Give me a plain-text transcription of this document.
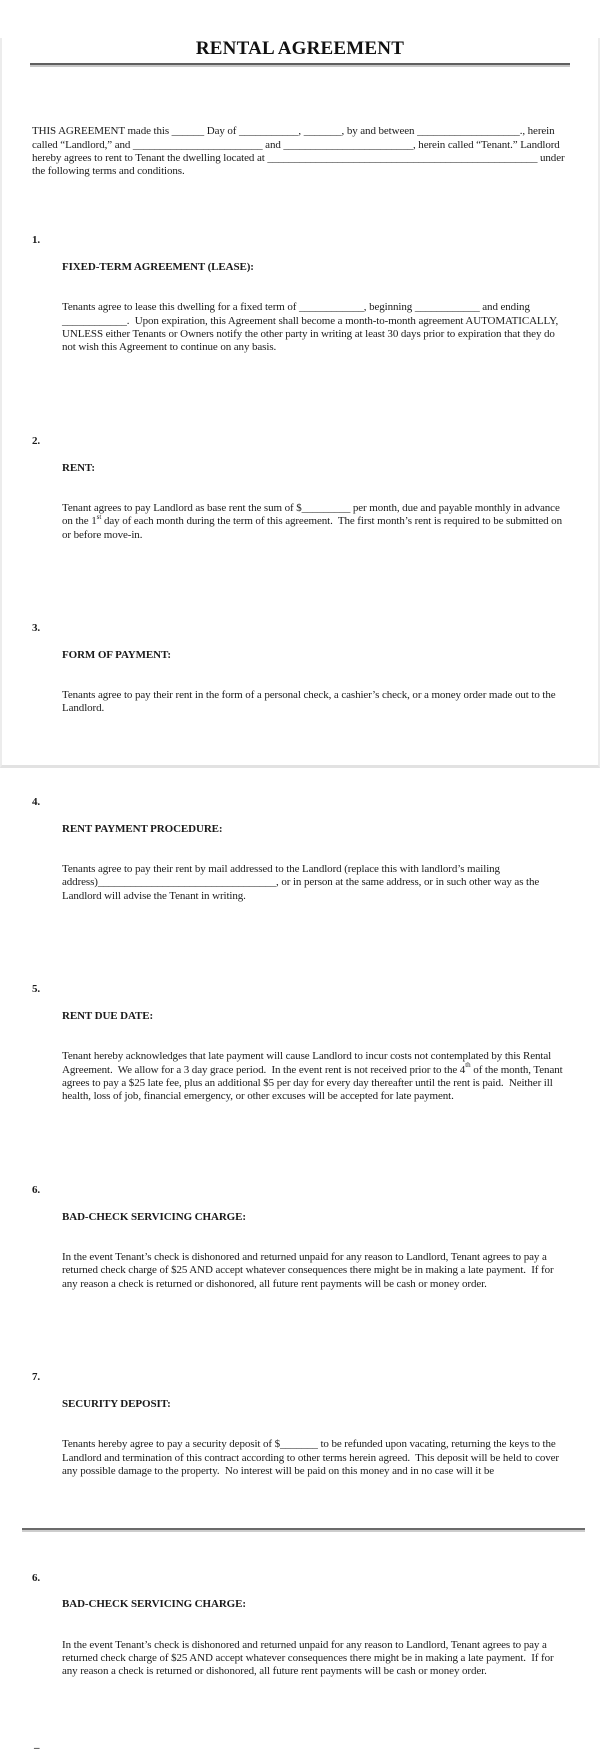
RENTAL AGREEMENT

THIS AGREEMENT made this ______ Day of ___________, _______, by and between ___________________., herein called “Landlord,” and ________________________ and ________________________, herein called “Tenant.” Landlord hereby agrees to rent to Tenant the dwelling located at __________________________________________________ under the following terms and conditions.

1.

FIXED-TERM AGREEMENT (LEASE):

Tenants agree to lease this dwelling for a fixed term of ____________, beginning ____________ and ending ____________.  Upon expiration, this Agreement shall become a month-to-month agreement AUTOMATICALLY, UNLESS either Tenants or Owners notify the other party in writing at least 30 days prior to expiration that they do not wish this Agreement to continue on any basis.

2.

RENT:

Tenant agrees to pay Landlord as base rent the sum of $_________ per month, due and payable monthly in advance on the 1st day of each month during the term of this agreement.  The first month’s rent is required to be submitted on or before move-in.

3.

FORM OF PAYMENT:

Tenants agree to pay their rent in the form of a personal check, a cashier’s check, or a money order made out to the Landlord.

4.

RENT PAYMENT PROCEDURE:

Tenants agree to pay their rent by mail addressed to the Landlord (replace this with landlord’s mailing address)_________________________________, or in person at the same address, or in such other way as the Landlord will advise the Tenant in writing.

5.

RENT DUE DATE:

Tenant hereby acknowledges that late payment will cause Landlord to incur costs not contemplated by this Rental Agreement.  We allow for a 3 day grace period.  In the event rent is not received prior to the 4th of the month, Tenant agrees to pay a $25 late fee, plus an additional $5 per day for every day thereafter until the rent is paid.  Neither ill health, loss of job, financial emergency, or other excuses will be accepted for late payment.

6.

BAD-CHECK SERVICING CHARGE:

In the event Tenant’s check is dishonored and returned unpaid for any reason to Landlord, Tenant agrees to pay a returned check charge of $25 AND accept whatever consequences there might be in making a late payment.  If for any reason a check is returned or dishonored, all future rent payments will be cash or money order.

7.

SECURITY DEPOSIT:

Tenants hereby agree to pay a security deposit of $_______ to be refunded upon vacating, returning the keys to the Landlord and termination of this contract according to other terms herein agreed.  This deposit will be held to cover any possible damage to the property.  No interest will be paid on this money and in no case will it be

6.

BAD-CHECK SERVICING CHARGE:

In the event Tenant’s check is dishonored and returned unpaid for any reason to Landlord, Tenant agrees to pay a returned check charge of $25 AND accept whatever consequences there might be in making a late payment.  If for any reason a check is returned or dishonored, all future rent payments will be cash or money order.

–
